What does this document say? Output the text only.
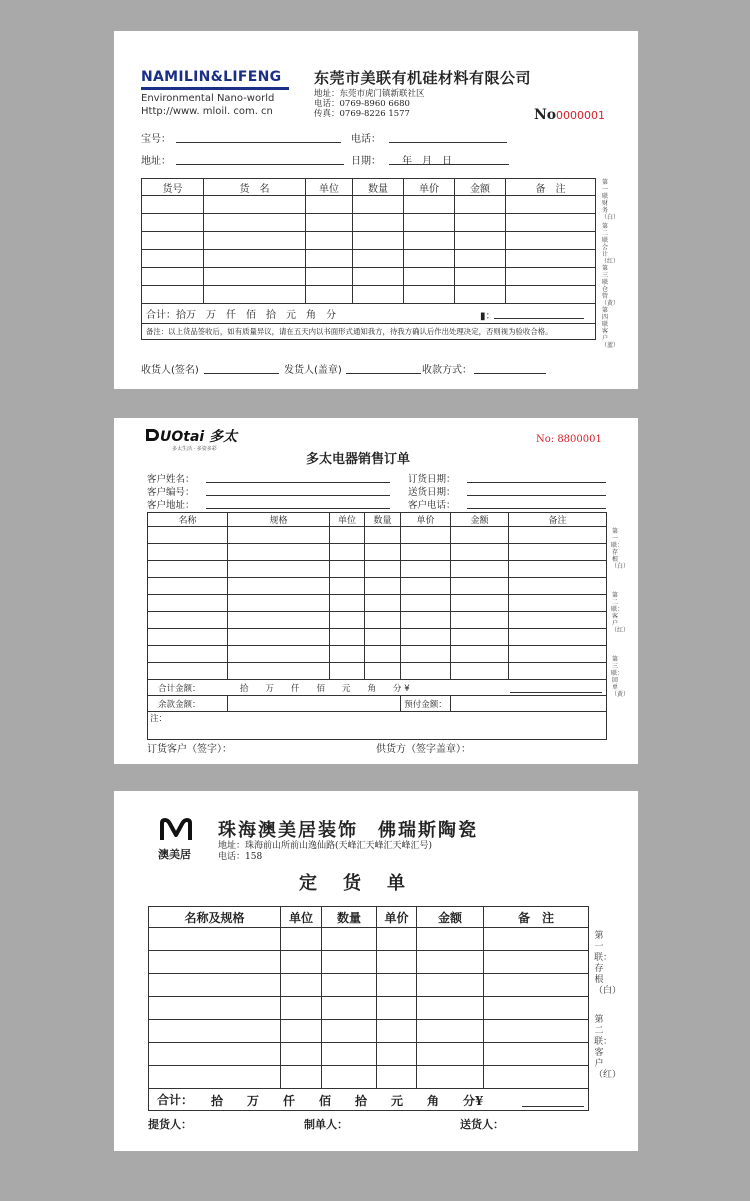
NAMILIN&LIFENG
Environmental Nano-world
Http://www. mloil. com. cn
东莞市美联有机硅材料有限公司
地址：东莞市虎门镇新联社区
电话：0769-8960 6680
传真：0769-8226 1577	No 0000001
宝号：	电话：
地址：	日期： 年　月　日
货号	货　名	单位	数量	单价	金额	备　注

合计：拾万　万　仟　佰　拾　元　角　分 ▮：						

备注：以上货品签收后，如有质量异议，请在五天内以书面形式通知我方，待我方确认后作出处理决定，否则视为验收合格。						
第一联　财务（白）
第二联　会计（红）
第三联　仓管（黄）
第四联　客户（蓝）
收货人(签名)	发货人(盖章)	收款方式：
UOtai 多太
多太生活 · 多姿多彩
No: 8800001
多太电器销售订单
客户姓名：
客户编号：
客户地址：
订货日期：
送货日期：
客户电话：
名称	规格	单位	数量	单价	金额	备注

合计金额： 拾　　万　　仟　　佰　　元　　角　　分 ¥						

余款金额：				预付金额：		
注：						
第一联：存根（白）
第二联：客户（红）
第三联：回单（黄）
订货客户（签字）：	供货方（签字盖章）：
澳美居
珠海澳美居装饰　佛瑞斯陶瓷
地址：珠海前山所前山逸仙路(天峰汇天峰汇天峰汇号)
电话：158
定　货　单
名称及规格	单位	数量	单价	金额	备　注

合计： 拾　　万　　仟　　佰　　拾　　元　　角　　分¥					
第一联：存根（白）
第二联：客户（红）
提货人：	制单人：	送货人：
